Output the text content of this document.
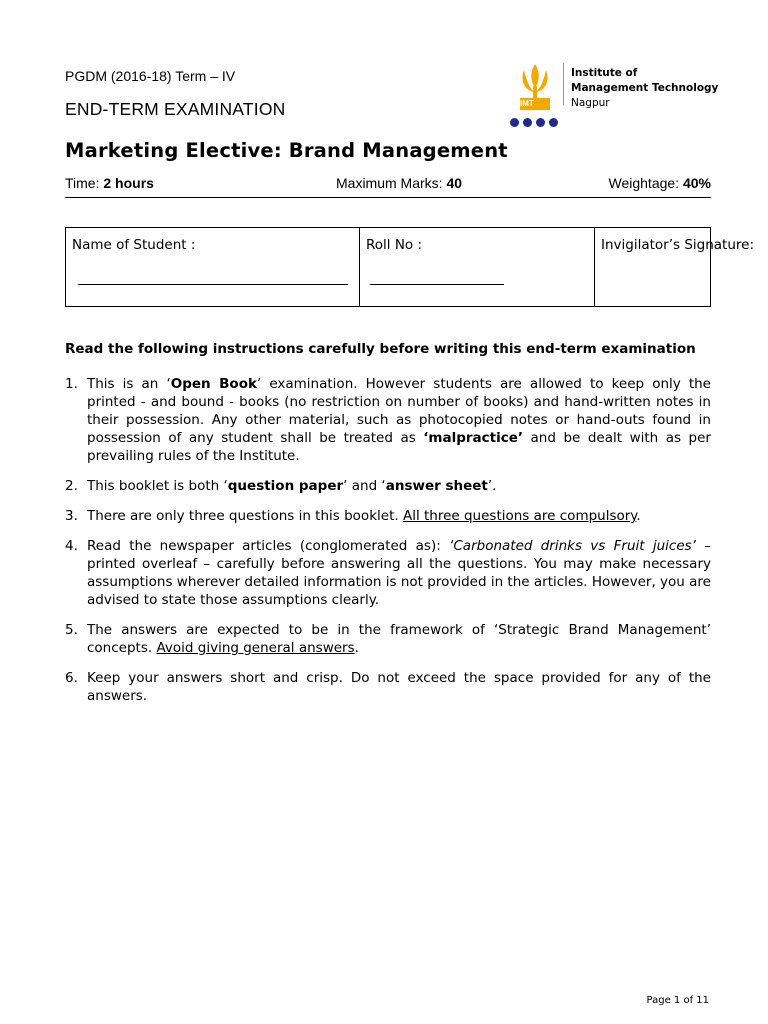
PGDM (2016-18) Term – IV
END-TERM EXAMINATION
Marketing Elective: Brand Management
IMT
Institute of
Management Technology
Nagpur
Time: 2 hours	Maximum Marks: 40	Weightage: 40%
Name of Student :	Roll No :	Invigilator’s Signature:
Read the following instructions carefully before writing this end-term examination
1. This is an ‘Open Book’ examination. However students are allowed to keep only the printed - and bound - books (no restriction on number of books) and hand-written notes in their possession. Any other material, such as photocopied notes or hand-outs found in possession of any student shall be treated as ‘malpractice’ and be dealt with as per prevailing rules of the Institute.
2. This booklet is both ‘question paper’ and ‘answer sheet’.
3. There are only three questions in this booklet. All three questions are compulsory.
4. Read the newspaper articles (conglomerated as): ‘Carbonated drinks vs Fruit juices’ – printed overleaf – carefully before answering all the questions. You may make necessary assumptions wherever detailed information is not provided in the articles. However, you are advised to state those assumptions clearly.
5. The answers are expected to be in the framework of ‘Strategic Brand Management’ concepts. Avoid giving general answers.
6. Keep your answers short and crisp. Do not exceed the space provided for any of the answers.
Page 1 of 11
